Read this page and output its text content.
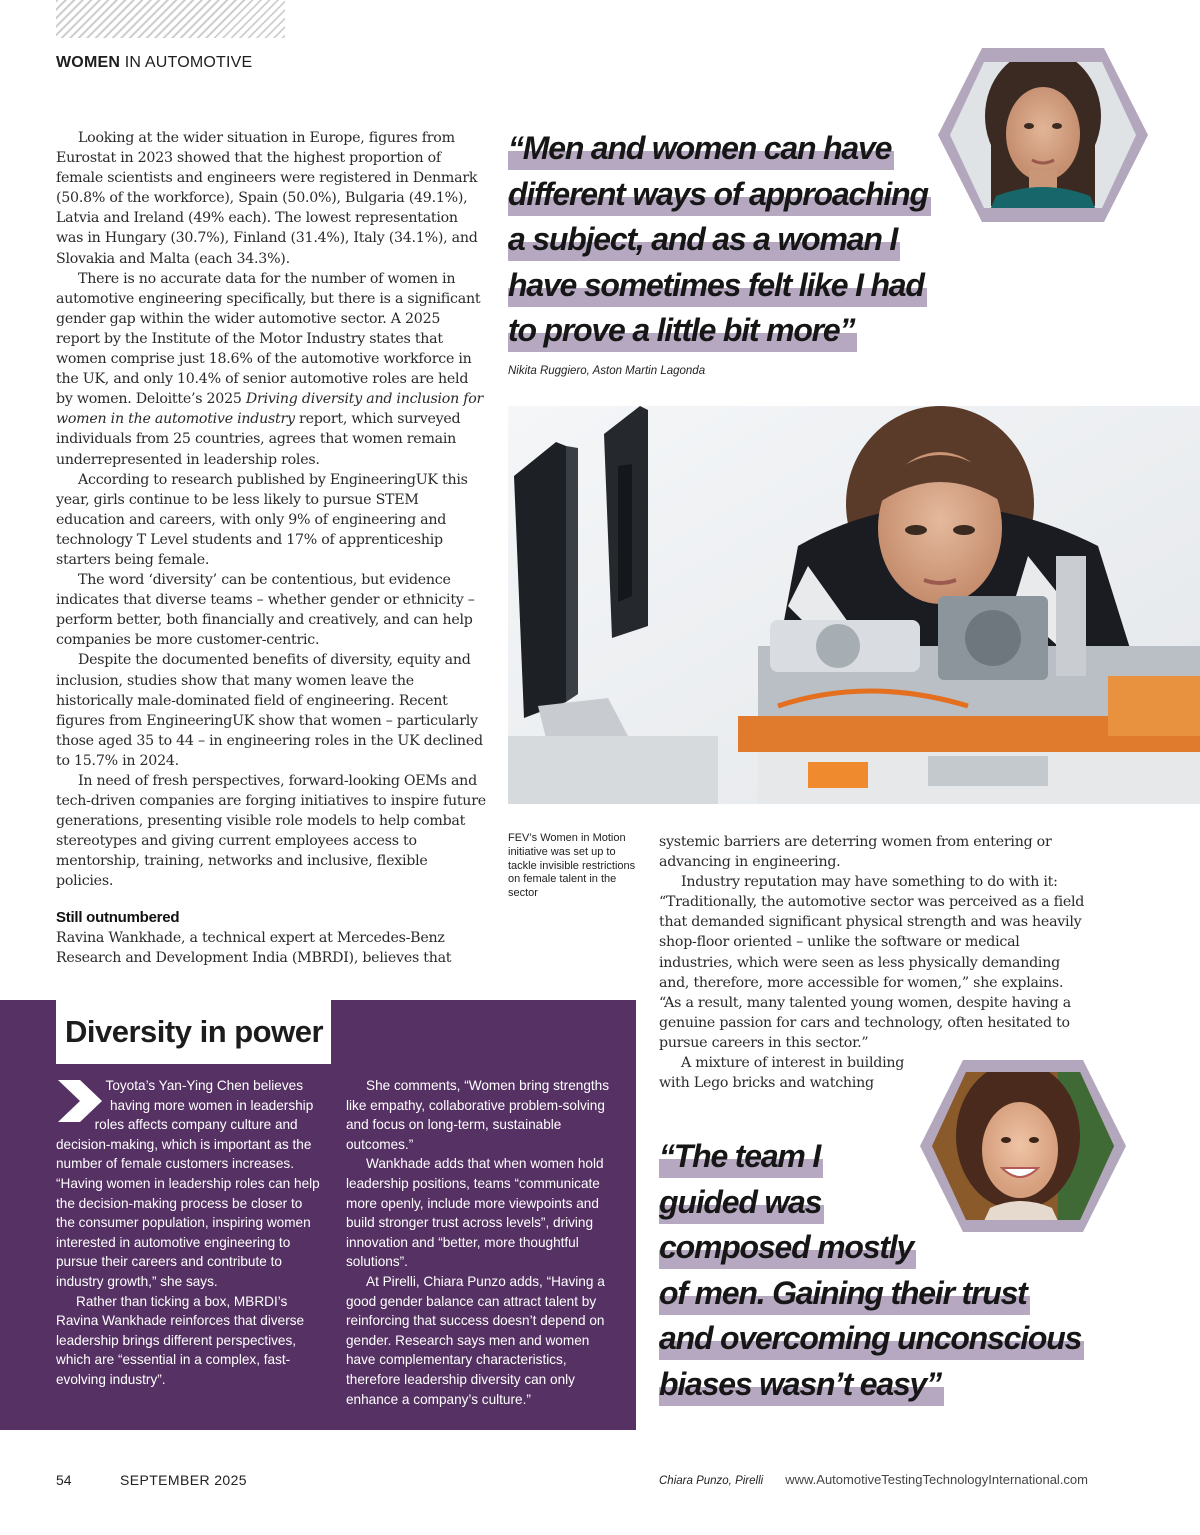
WOMEN IN AUTOMOTIVE

Looking at the wider situation in Europe, figures from Eurostat in 2023 showed that the highest proportion of female scientists and engineers were registered in Denmark (50.8% of the workforce), Spain (50.0%), Bulgaria (49.1%), Latvia and Ireland (49% each). The lowest representation was in Hungary (30.7%), Finland (31.4%), Italy (34.1%), and Slovakia and Malta (each 34.3%).

There is no accurate data for the number of women in automotive engineering specifically, but there is a significant gender gap within the wider automotive sector. A 2025 report by the Institute of the Motor Industry states that women comprise just 18.6% of the automotive workforce in the UK, and only 10.4% of senior automotive roles are held by women. Deloitte’s 2025 Driving diversity and inclusion for women in the automotive industry report, which surveyed individuals from 25 countries, agrees that women remain underrepresented in leadership roles.

According to research published by EngineeringUK this year, girls continue to be less likely to pursue STEM education and careers, with only 9% of engineering and technology T Level students and 17% of apprenticeship starters being female.

The word ‘diversity’ can be contentious, but evidence indicates that diverse teams – whether gender or ethnicity – perform better, both financially and creatively, and can help companies be more customer-centric.

Despite the documented benefits of diversity, equity and inclusion, studies show that many women leave the historically male-dominated field of engineering. Recent figures from EngineeringUK show that women – particularly those aged 35 to 44 – in engineering roles in the UK declined to 15.7% in 2024.

In need of fresh perspectives, forward-looking OEMs and tech-driven companies are forging initiatives to inspire future generations, presenting visible role models to help combat stereotypes and giving current employees access to mentorship, training, networks and inclusive, flexible policies.

Still outnumbered

Ravina Wankhade, a technical expert at Mercedes-Benz Research and Development India (MBRDI), believes that

“Men and women can have
different ways of approaching
a subject, and as a woman I
have sometimes felt like I had
to prove a little bit more”
Nikita Ruggiero, Aston Martin Lagonda
FEV’s Women in Motion initiative was set up to tackle invisible restrictions on female talent in the sector

systemic barriers are deterring women from entering or advancing in engineering.

Industry reputation may have something to do with it: “Traditionally, the automotive sector was perceived as a field that demanded significant physical strength and was heavily shop-floor oriented – unlike the software or medical industries, which were seen as less physically demanding and, therefore, more accessible for women,” she explains. “As a result, many talented young women, despite having a genuine passion for cars and technology, often hesitated to pursue careers in this sector.”

A mixture of interest in building with Lego bricks and watching

“The team I
guided was
composed mostly
of men. Gaining their trust
and overcoming unconscious
biases wasn’t easy”
Chiara Punzo, Pirelli
Diversity in power

Toyota’s Yan-Ying Chen believes having more women in leadership roles affects company culture and decision-making, which is important as the number of female customers increases. “Having women in leadership roles can help the decision-making process be closer to the consumer population, inspiring women interested in automotive engineering to pursue their careers and contribute to industry growth,” she says.

Rather than ticking a box, MBRDI’s Ravina Wankhade reinforces that diverse leadership brings different perspectives, which are “essential in a complex, fast-evolving industry”.

She comments, “Women bring strengths like empathy, collaborative problem-solving and focus on long-term, sustainable outcomes.”

Wankhade adds that when women hold leadership positions, teams “communicate more openly, include more viewpoints and build stronger trust across levels”, driving innovation and “better, more thoughtful solutions”.

At Pirelli, Chiara Punzo adds, “Having a good gender balance can attract talent by reinforcing that success doesn’t depend on gender. Research says men and women have complementary characteristics, therefore leadership diversity can only enhance a company’s culture.”

54	SEPTEMBER 2025	www.AutomotiveTestingTechnologyInternational.com
